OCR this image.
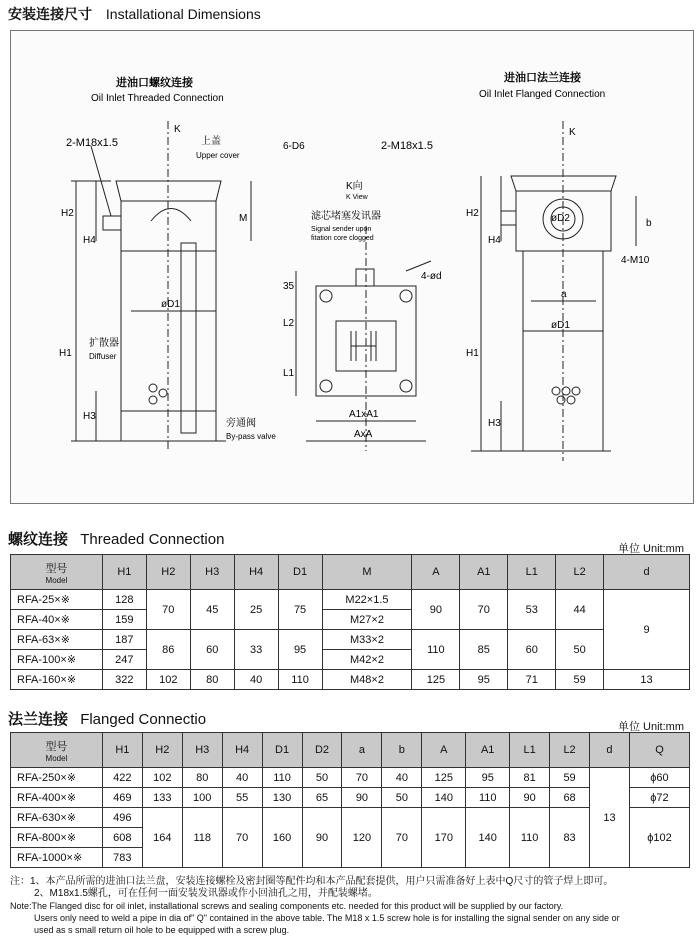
安装连接尺寸 Installational Dimensions
进油口螺纹连接
Oil Inlet Threaded Connection
2-M18x1.5
K
上盖
Upper cover
H2
H4
M
øD1
H1
扩散器
Diffuser
H3
旁通阀
By-pass valve
6-D6
K向
K View
滤芯堵塞发讯器
Signal sender upon
fitation core clogged
4-ød
35
L2
L1
A1xA1
AxA
进油口法兰连接
Oil Inlet Flanged Connection
2-M18x1.5
K
øD2	b
4-M10
H2
H4
a
øD1
H1
H3
螺纹连接 Threaded Connection
单位 Unit:mm
型号
Model	H1	H2	H3	H4	D1	M	A	A1	L1	L2	d
RFA-25×※	128	70	45	25	75	M22×1.5	90	70	53	44	9
RFA-40×※	159					M27×2					
RFA-63×※	187	86	60	33	95	M33×2	110	85	60	50	
RFA-100×※	247					M42×2					
RFA-160×※	322	102	80	40	110	M48×2	125	95	71	59	13
法兰连接 Flanged Connectio	单位 Unit:mm
型号
Model	H1	H2	H3	H4	D1	D2	a	b	A	A1	L1	L2	d	Q
RFA-250×※	422	102	80	40	110	50	70	40	125	95	81	59	13	ϕ60
RFA-400×※	469	133	100	55	130	65	90	50	140	110	90	68		ϕ72
RFA-630×※	496	164	118	70	160	90	120	70	170	140	110	83		ϕ102
RFA-800×※	608													
RFA-1000×※	783													
注：1、本产品所需的进油口法兰盘，安装连接螺栓及密封圈等配件均和本产品配套提供，用户只需准备好上表中Q尺寸的管子焊上即可。
2、M18x1.5螺孔，可在任何一面安装发讯器或作小回油孔之用，并配装螺堵。
Note:The Flanged disc for oil inlet, installational screws and sealing components etc. needed for this product will be supplied by our factory.
Users only need to weld a pipe in dia of" Q" contained in the above table. The M18 x 1.5 screw hole is for installing the signal sender on any side or
used as s small return oil hole to be equipped with a screw plug.
